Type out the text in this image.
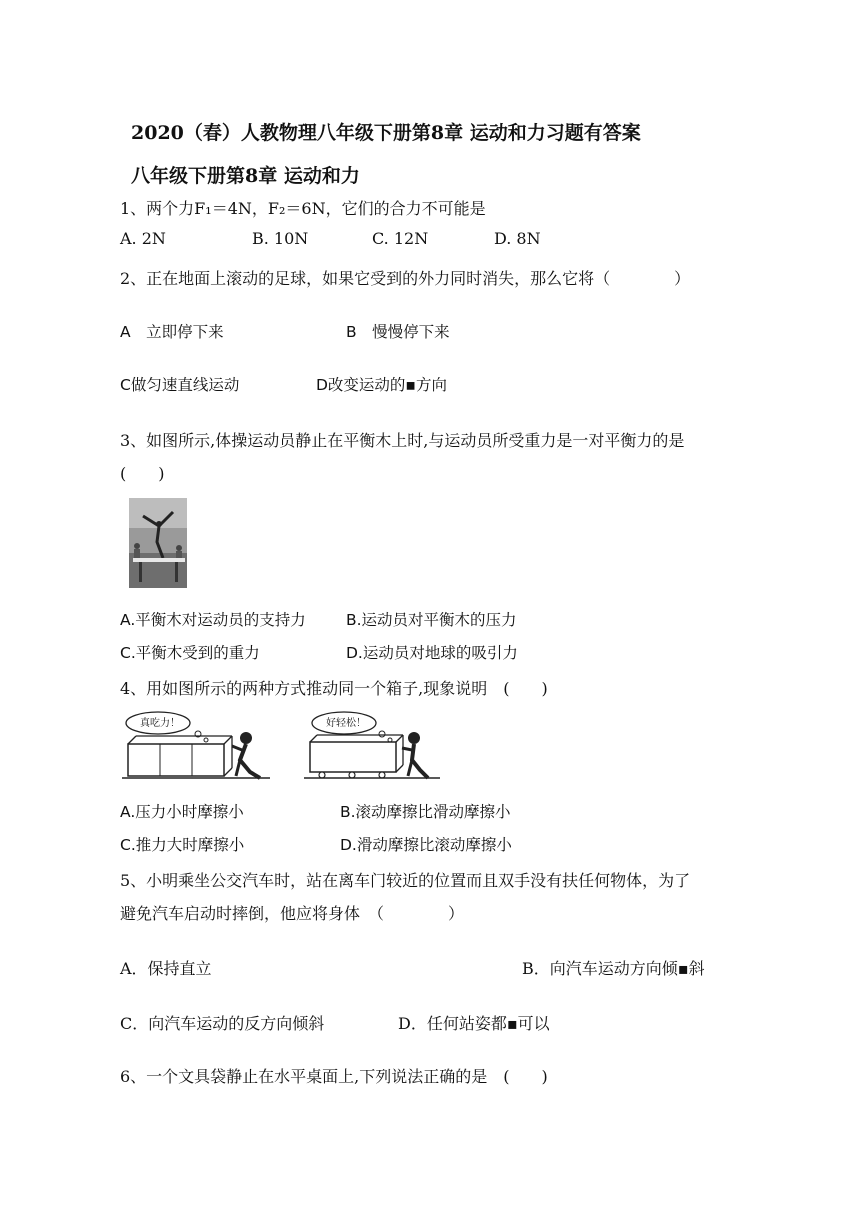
2020（春）人教物理八年级下册第8章 运动和力习题有答案
八年级下册第8章 运动和力
1、两个力F₁＝4N，F₂＝6N，它们的合力不可能是
A. 2N	B. 10N	C. 12N	D. 8N
2、正在地面上滚动的足球，如果它受到的外力同时消失，那么它将（　　　　）
A　立即停下来	B　慢慢停下来
C做匀速直线运动	D改变运动的▪方向
3、如图所示,体操运动员静止在平衡木上时,与运动员所受重力是一对平衡力的是
(　　)
A.平衡木对运动员的支持力	B.运动员对平衡木的压力
C.平衡木受到的重力	D.运动员对地球的吸引力
4、用如图所示的两种方式推动同一个箱子,现象说明　(　　)
真吃力！	好轻松！
A.压力小时摩擦小	B.滚动摩擦比滑动摩擦小
C.推力大时摩擦小	D.滑动摩擦比滚动摩擦小
5、小明乘坐公交汽车时，站在离车门较近的位置而且双手没有扶任何物体，为了
避免汽车启动时摔倒，他应将身体　（　　　　）
A．保持直立	B．向汽车运动方向倾▪斜
C．向汽车运动的反方向倾斜	D．任何站姿都▪可以
6、一个文具袋静止在水平桌面上,下列说法正确的是　(　　)
